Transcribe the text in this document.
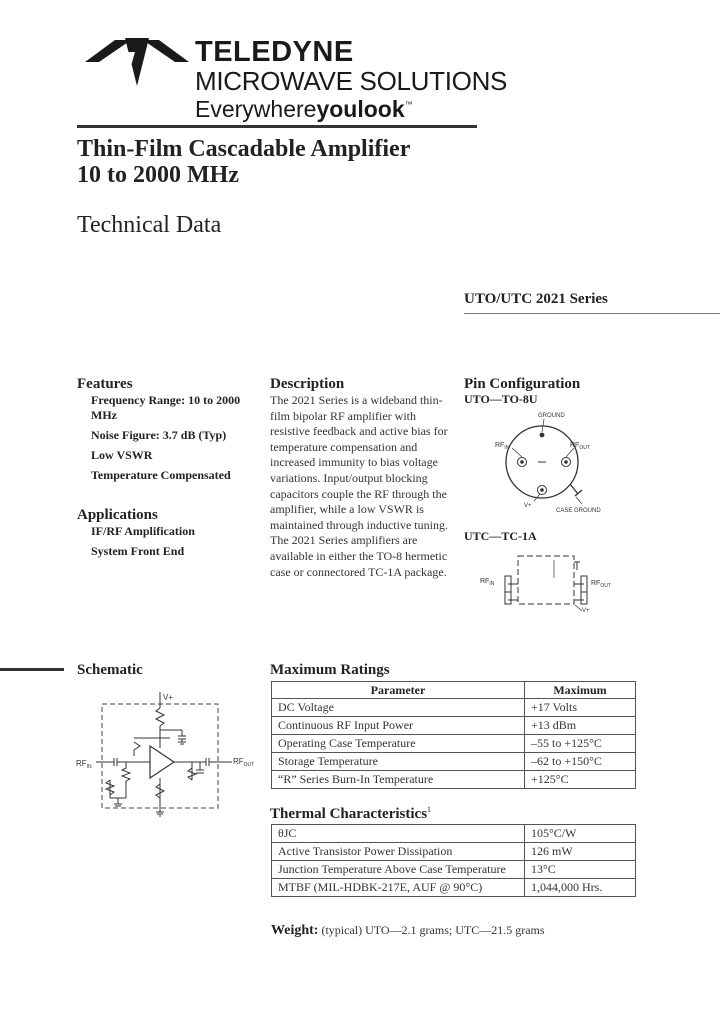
TELEDYNE
MICROWAVE SOLUTIONS
Everywhereyoulook™
Thin-Film Cascadable Amplifier
10 to 2000 MHz
Technical Data
UTO/UTC 2021 Series
Features
Frequency Range: 10 to 2000 MHz
Noise Figure: 3.7 dB (Typ)
Low VSWR
Temperature Compensated
Applications
IF/RF Amplification
System Front End
Description
The 2021 Series is a wideband thin-film bipolar RF amplifier with resistive feedback and active bias for temperature compensation and increased immunity to bias voltage variations. Input/output blocking capacitors couple the RF through the amplifier, while a low VSWR is maintained through inductive tuning. The 2021 Series amplifiers are available in either the TO-8 hermetic case or connectored TC-1A package.
Pin Configuration
UTO—TO-8U
GROUND
$RF_{IN}$	$RF_{OUT}$
V+
CASE GROUND
UTC—TC-1A
$RF_{IN}$	$RF_{OUT}$
V+
Schematic
V+
$RF_{IN}$
$RF_{OUT}$
Maximum Ratings
Parameter	Maximum
DC Voltage	+17 Volts
Continuous RF Input Power	+13 dBm
Operating Case Temperature	–55 to +125°C
Storage Temperature	–62 to +150°C
“R” Series Burn-In Temperature	+125°C
Thermal Characteristics$^1$
θJC	105°C/W
Active Transistor Power Dissipation	126 mW
Junction Temperature Above Case Temperature	13°C
MTBF (MIL-HDBK-217E, AUF @ 90°C)	1,044,000 Hrs.
Weight: (typical) UTO—2.1 grams; UTC—21.5 grams
